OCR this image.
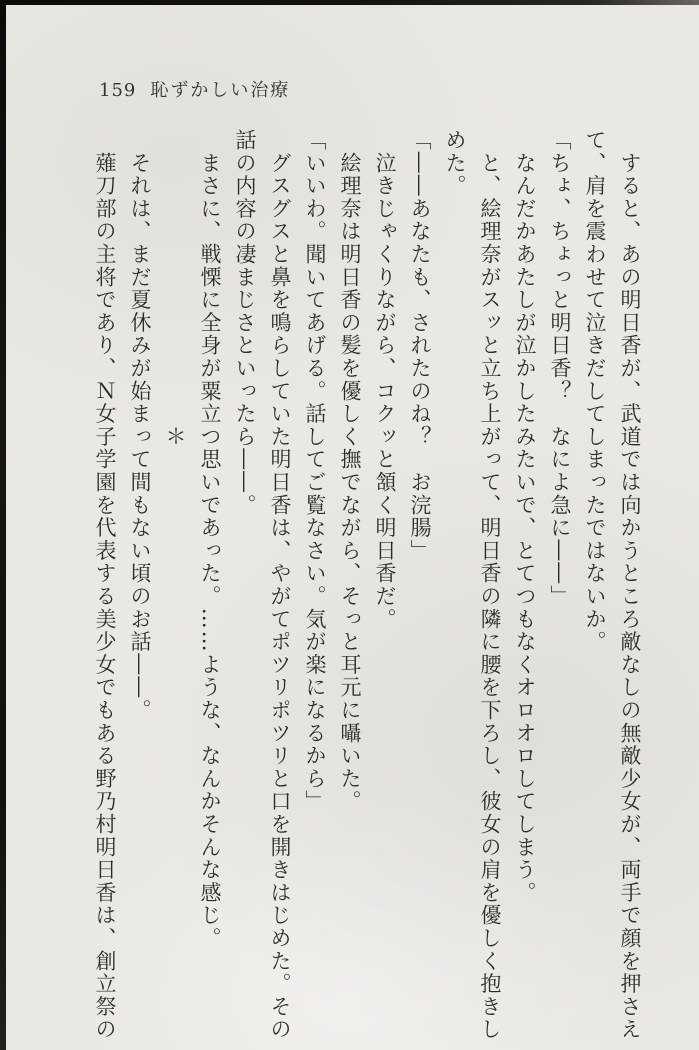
159 恥ずかしい治療
　すると、あの明日香が、武道では向かうところ敵なしの無敵少女が、両手で顔を押さえ
て、肩を震わせて泣きだしてしまったではないか。
「ちょ、ちょっと明日香？　なによ急に――」
　なんだかあたしが泣かしたみたいで、とてつもなくオロオロしてしまう。
　と、絵理奈がスッと立ち上がって、明日香の隣に腰を下ろし、彼女の肩を優しく抱きし
めた。
「――あなたも、されたのね？　お浣腸」
　泣きじゃくりながら、コクッと頷く明日香だ。
　絵理奈は明日香の髪を優しく撫でながら、そっと耳元に囁いた。
「いいわ。聞いてあげる。話してご覧なさい。気が楽になるから」
　グスグスと鼻を鳴らしていた明日香は、やがてポツリポツリと口を開きはじめた。その
話の内容の凄まじさといったら――。
　まさに、戦慄に全身が粟立つ思いであった。……ような、なんかそんな感じ。
　　　　　　　　　　　　　＊
　それは、まだ夏休みが始まって間もない頃のお話――。
　薙刀部の主将であり、Ｎ女子学園を代表する美少女でもある野乃村明日香は、創立祭の
